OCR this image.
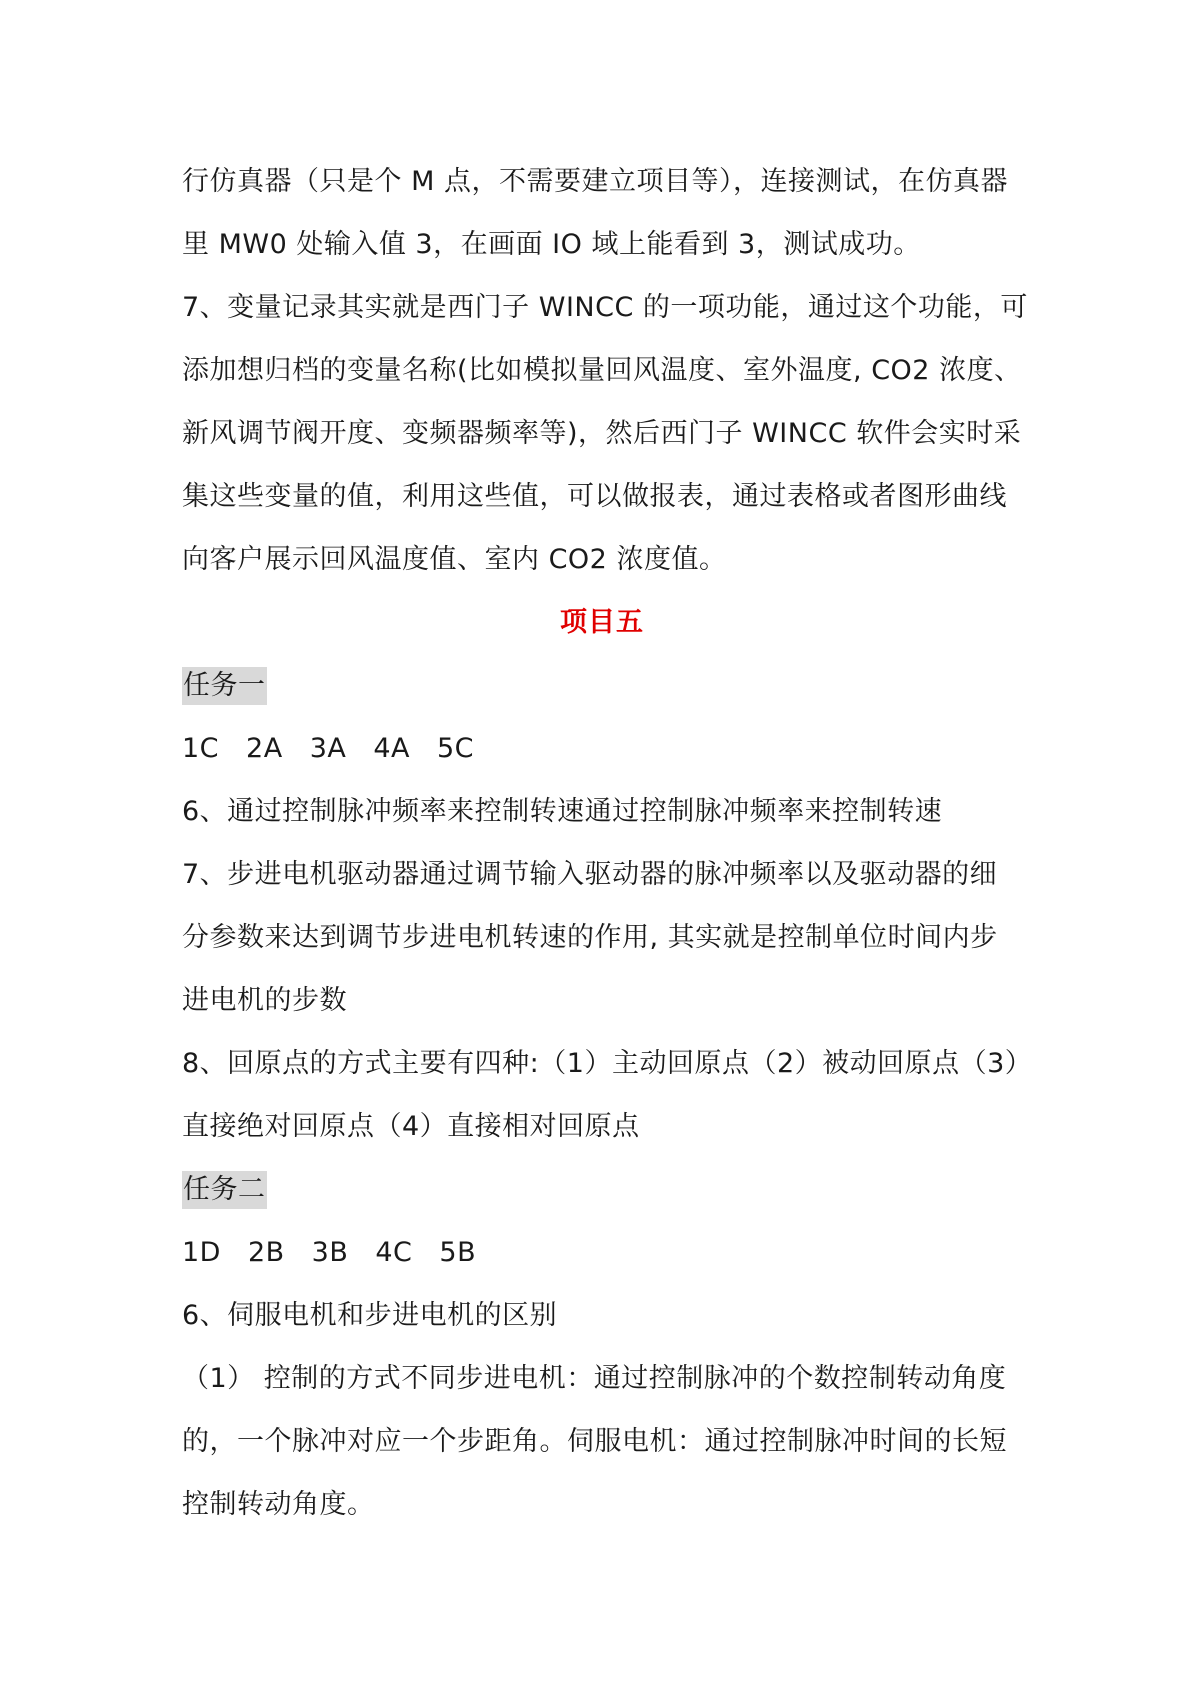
行仿真器（只是个 M 点，不需要建立项目等），连接测试，在仿真器
里 MW0 处输入值 3，在画面 IO 域上能看到 3，测试成功。
7、变量记录其实就是西门子 WINCC 的一项功能，通过这个功能，可
添加想归档的变量名称(比如模拟量回风温度、室外温度, CO2 浓度、
新风调节阀开度、变频器频率等)，然后西门子 WINCC 软件会实时采
集这些变量的值，利用这些值，可以做报表，通过表格或者图形曲线
向客户展示回风温度值、室内 CO2 浓度值。
项目五
任务一
1C 2A 3A 4A 5C
6、通过控制脉冲频率来控制转速通过控制脉冲频率来控制转速
7、步进电机驱动器通过调节输入驱动器的脉冲频率以及驱动器的细
分参数来达到调节步进电机转速的作用, 其实就是控制单位时间内步
进电机的步数
8、回原点的方式主要有四种:（1）主动回原点（2）被动回原点（3）
直接绝对回原点（4）直接相对回原点
任务二
1D 2B 3B 4C 5B
6、伺服电机和步进电机的区别
（1） 控制的方式不同步进电机：通过控制脉冲的个数控制转动角度
的，一个脉冲对应一个步距角。伺服电机：通过控制脉冲时间的长短
控制转动角度。
